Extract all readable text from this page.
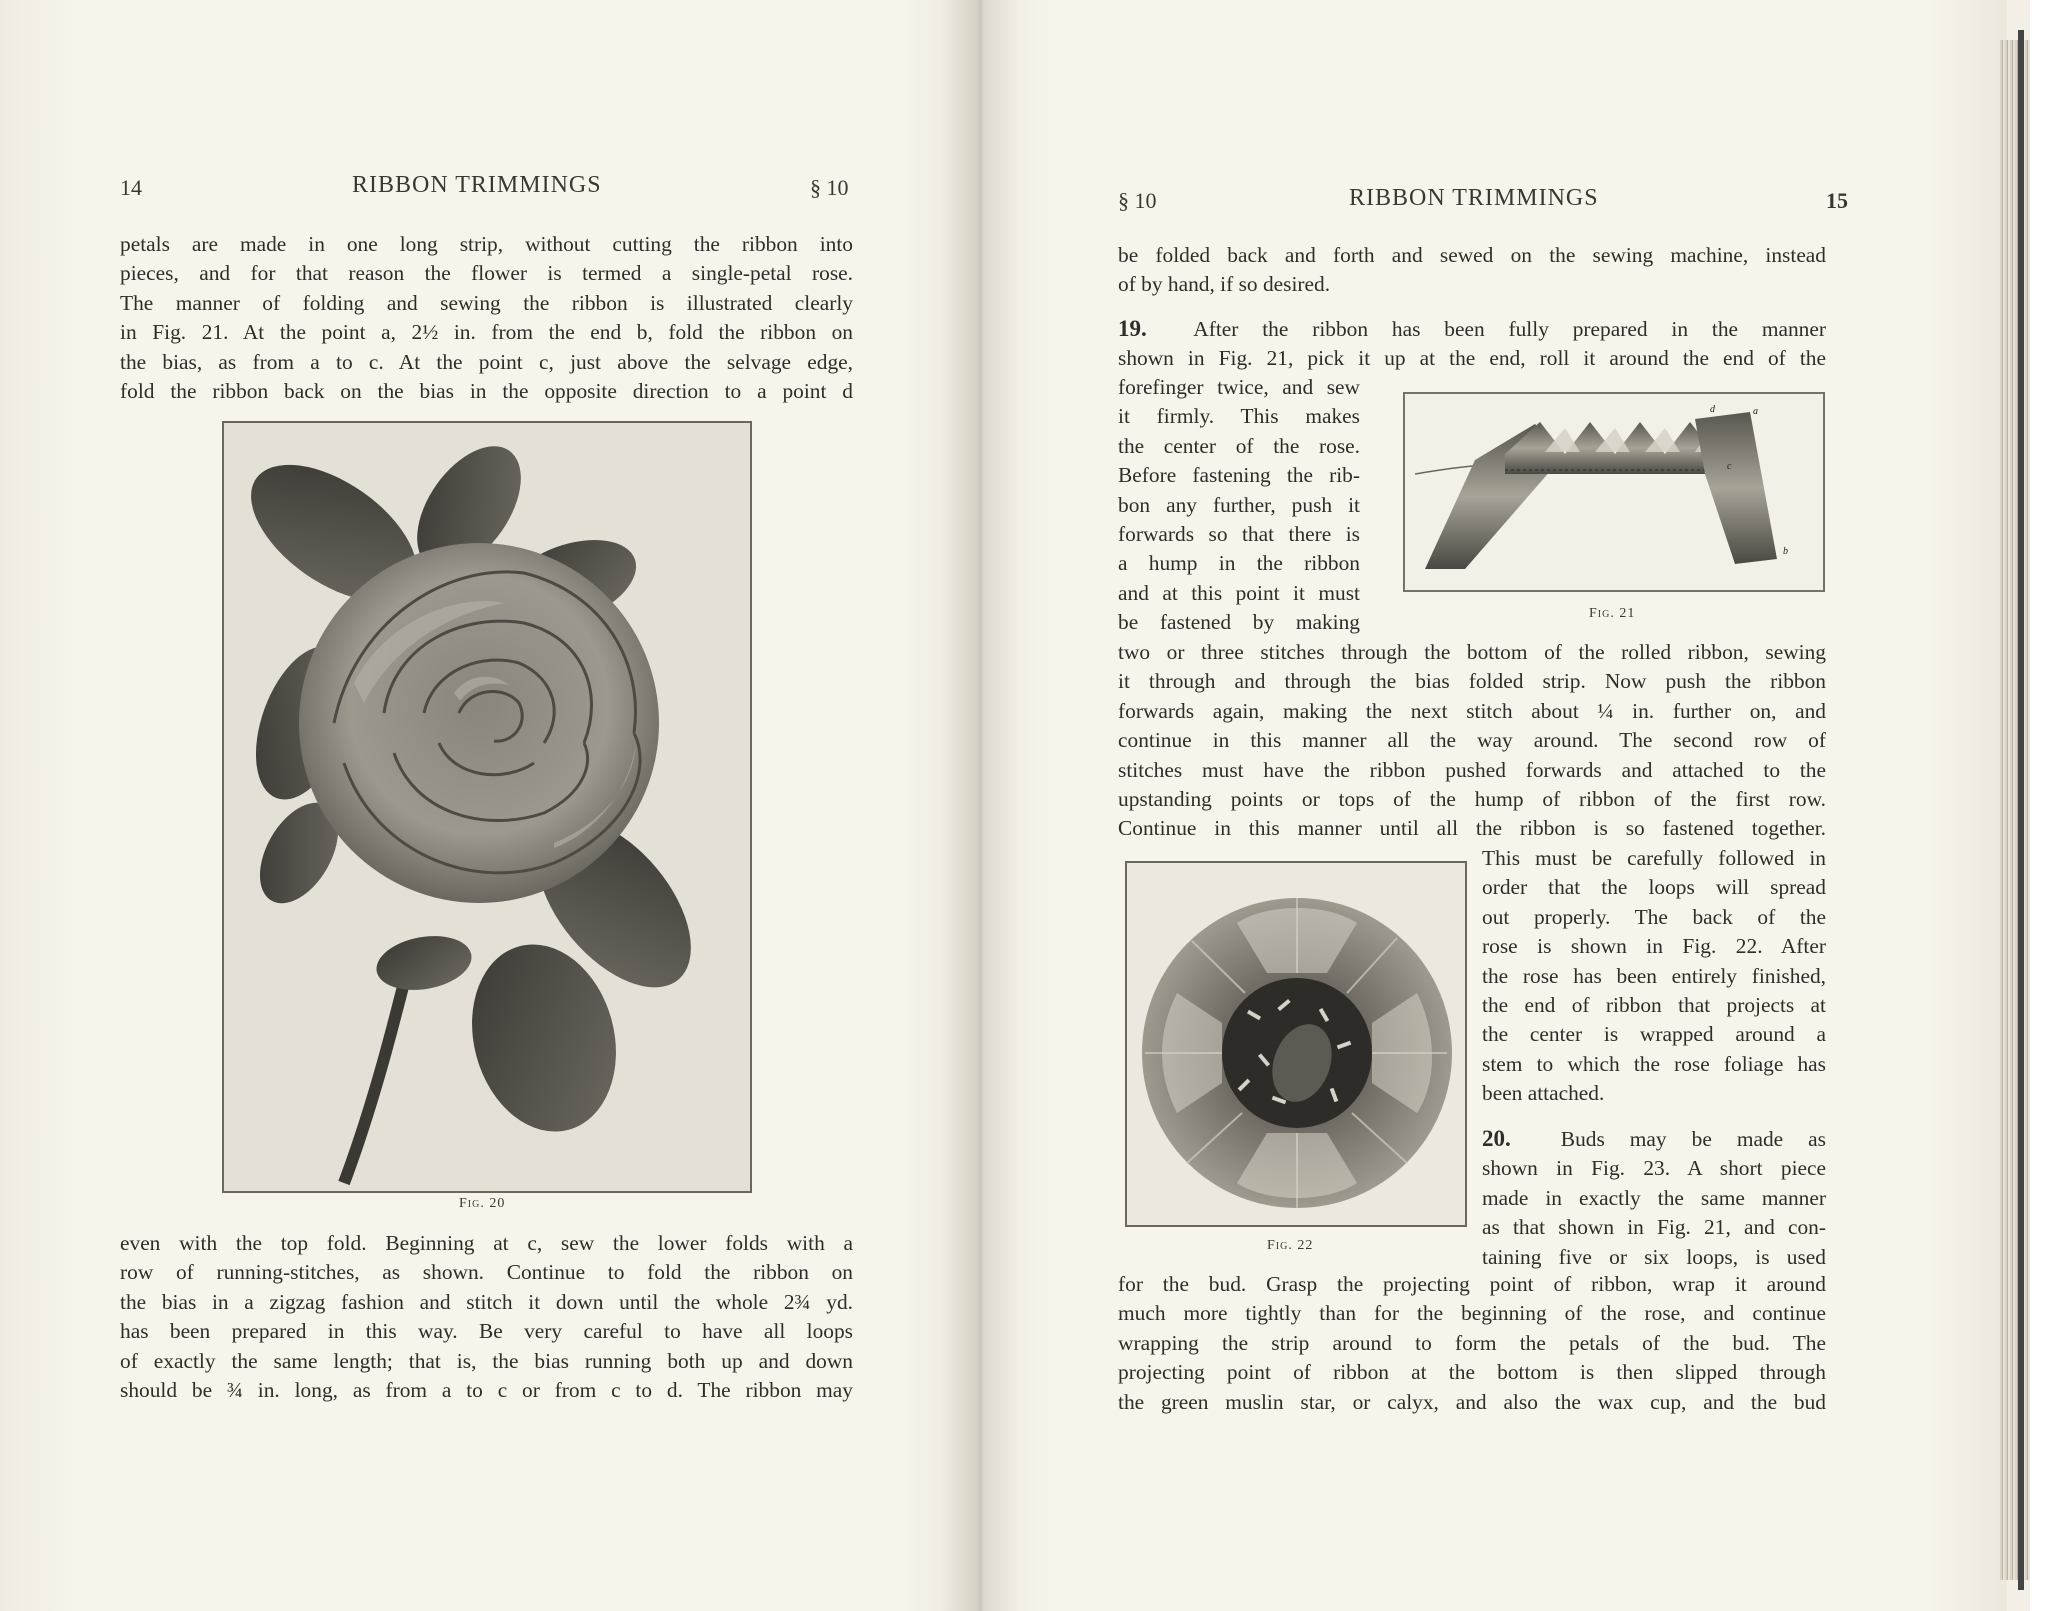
14	RIBBON TRIMMINGS	§ 10
petals are made in one long strip, without cutting the ribbon into
pieces, and for that reason the flower is termed a single-petal rose.
The manner of folding and sewing the ribbon is illustrated clearly
in Fig. 21. At the point a, 2½ in. from the end b, fold the ribbon on
the bias, as from a to c. At the point c, just above the selvage edge,
fold the ribbon back on the bias in the opposite direction to a point d
Fig. 20
even with the top fold. Beginning at c, sew the lower folds with a
row of running-stitches, as shown. Continue to fold the ribbon on
the bias in a zigzag fashion and stitch it down until the whole 2¾ yd.
has been prepared in this way. Be very careful to have all loops
of exactly the same length; that is, the bias running both up and down
should be ¾ in. long, as from a to c or from c to d. The ribbon may
§ 10	RIBBON TRIMMINGS	15
be folded back and forth and sewed on the sewing machine, instead
of by hand, if so desired.
19. After the ribbon has been fully prepared in the manner
shown in Fig. 21, pick it up at the end, roll it around the end of the
forefinger twice, and sew
it firmly. This makes
the center of the rose.
Before fastening the rib-
bon any further, push it
forwards so that there is
a hump in the ribbon
and at this point it must
be fastened by making
d	a
c
b
Fig. 21
two or three stitches through the bottom of the rolled ribbon, sewing
it through and through the bias folded strip. Now push the ribbon
forwards again, making the next stitch about ¼ in. further on, and
continue in this manner all the way around. The second row of
stitches must have the ribbon pushed forwards and attached to the
upstanding points or tops of the hump of ribbon of the first row.
Continue in this manner until all the ribbon is so fastened together.
Fig. 22
This must be carefully followed in
order that the loops will spread
out properly. The back of the
rose is shown in Fig. 22. After
the rose has been entirely finished,
the end of ribbon that projects at
the center is wrapped around a
stem to which the rose foliage has
been attached.
20. Buds may be made as
shown in Fig. 23. A short piece
made in exactly the same manner
as that shown in Fig. 21, and con-
taining five or six loops, is used
for the bud. Grasp the projecting point of ribbon, wrap it around
much more tightly than for the beginning of the rose, and continue
wrapping the strip around to form the petals of the bud. The
projecting point of ribbon at the bottom is then slipped through
the green muslin star, or calyx, and also the wax cup, and the bud
